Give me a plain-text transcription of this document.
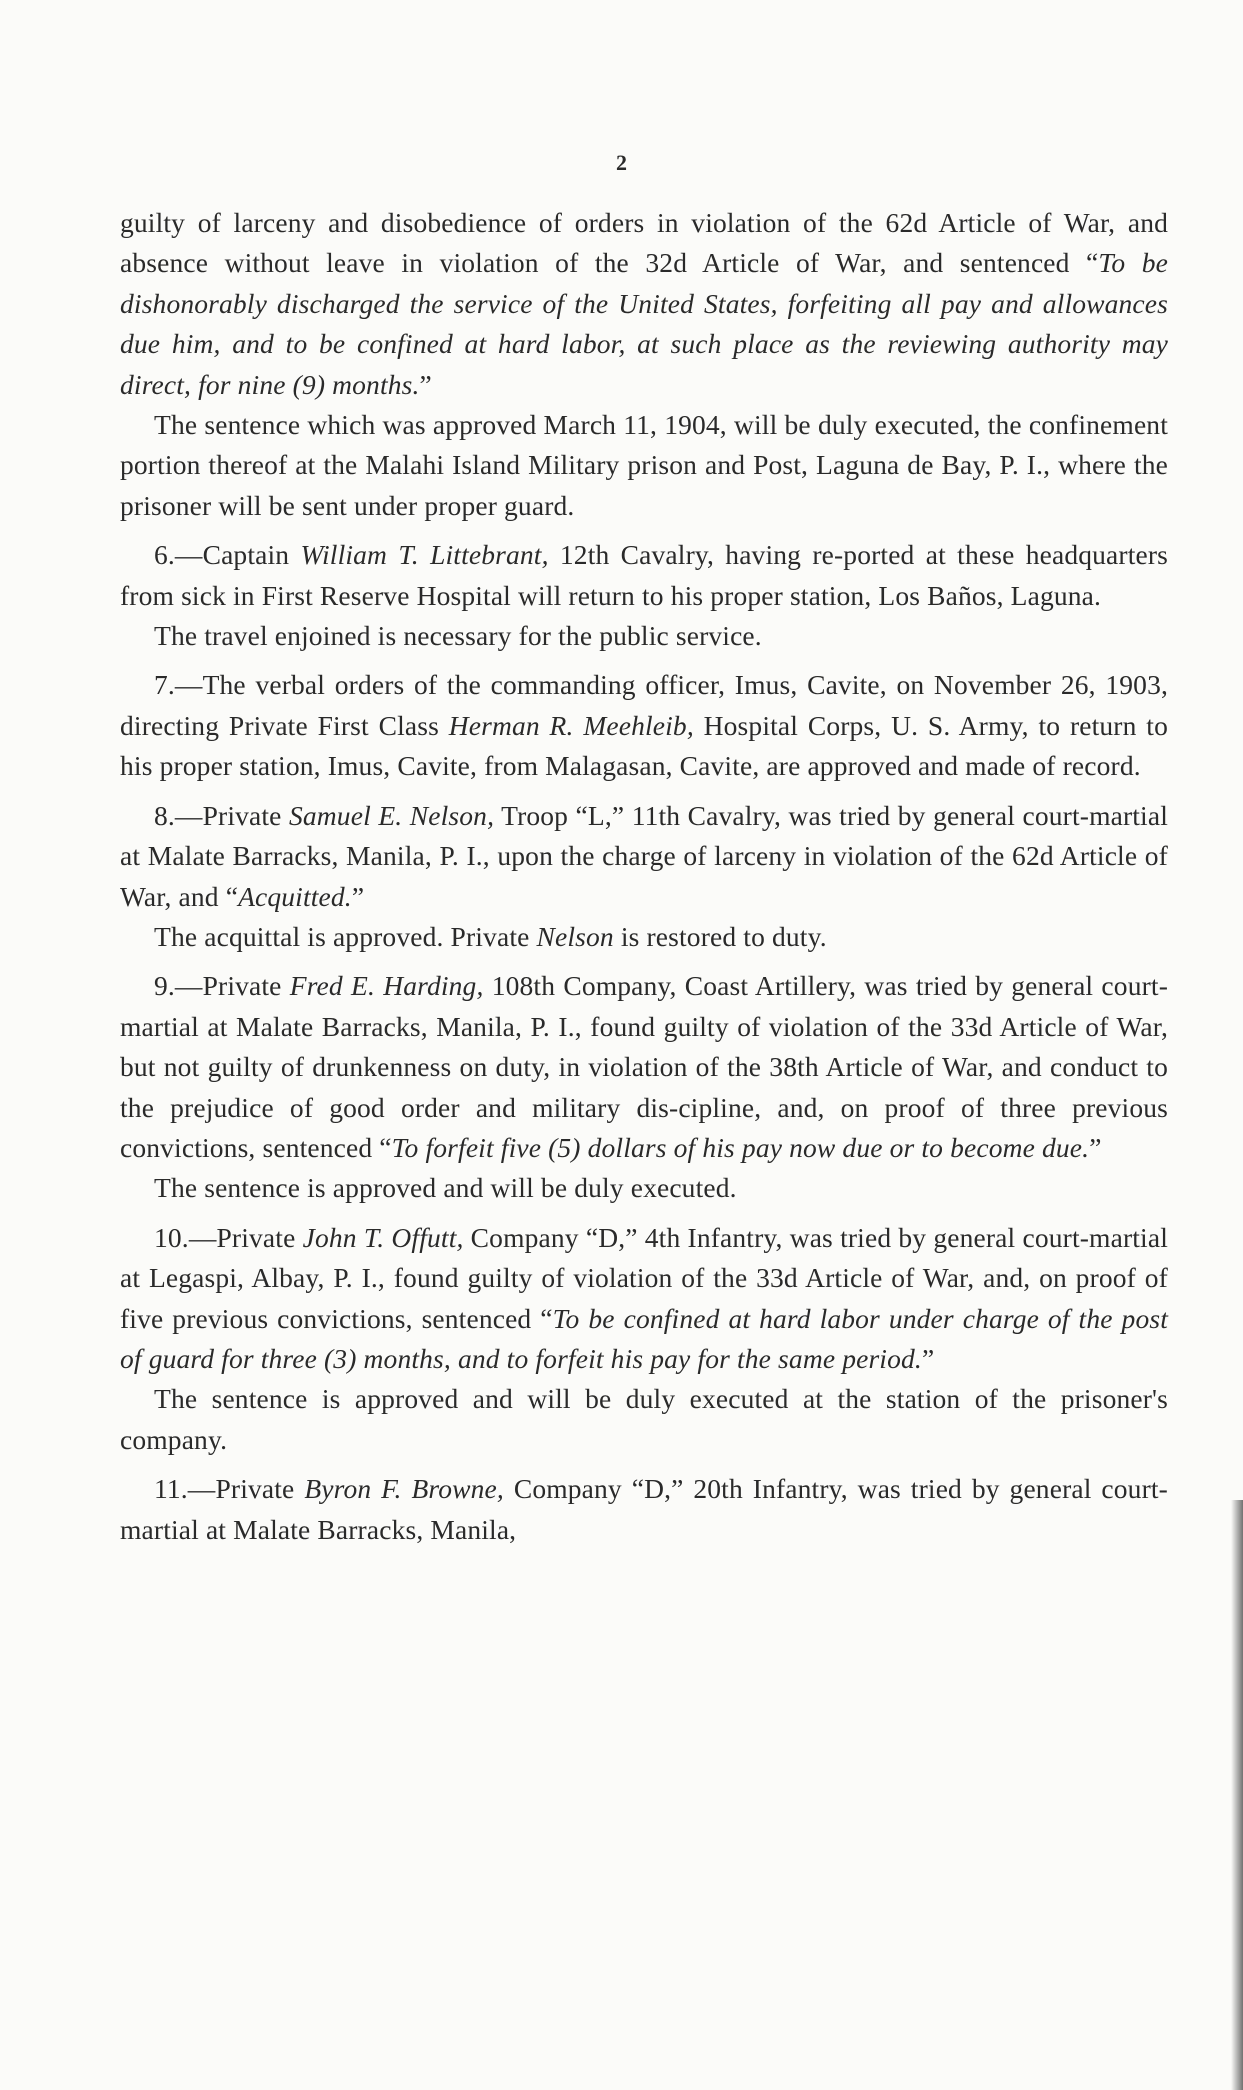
2

guilty of larceny and disobedience of orders in violation of the 62d Article of War, and absence without leave in violation of the 32d Article of War, and sentenced “To be dishonorably discharged the service of the United States, forfeiting all pay and allowances due him, and to be confined at hard labor, at such place as the reviewing authority may direct, for nine (9) months.”

The sentence which was approved March 11, 1904, will be duly executed, the confinement portion thereof at the Malahi Island Military prison and Post, Laguna de Bay, P. I., where the prisoner will be sent under proper guard.

6.—Captain William T. Littebrant, 12th Cavalry, having re-ported at these headquarters from sick in First Reserve Hospital will return to his proper station, Los Baños, Laguna.

The travel enjoined is necessary for the public service.

7.—The verbal orders of the commanding officer, Imus, Cavite, on November 26, 1903, directing Private First Class Herman R. Meehleib, Hospital Corps, U. S. Army, to return to his proper station, Imus, Cavite, from Malagasan, Cavite, are approved and made of record.

8.—Private Samuel E. Nelson, Troop “L,” 11th Cavalry, was tried by general court-martial at Malate Barracks, Manila, P. I., upon the charge of larceny in violation of the 62d Article of War, and “Acquitted.”

The acquittal is approved. Private Nelson is restored to duty.

9.—Private Fred E. Harding, 108th Company, Coast Artillery, was tried by general court-martial at Malate Barracks, Manila, P. I., found guilty of violation of the 33d Article of War, but not guilty of drunkenness on duty, in violation of the 38th Article of War, and conduct to the prejudice of good order and military dis-cipline, and, on proof of three previous convictions, sentenced “To forfeit five (5) dollars of his pay now due or to become due.”

The sentence is approved and will be duly executed.

10.—Private John T. Offutt, Company “D,” 4th Infantry, was tried by general court-martial at Legaspi, Albay, P. I., found guilty of violation of the 33d Article of War, and, on proof of five previous convictions, sentenced “To be confined at hard labor under charge of the post of guard for three (3) months, and to forfeit his pay for the same period.”

The sentence is approved and will be duly executed at the station of the prisoner's company.

11.—Private Byron F. Browne, Company “D,” 20th Infantry, was tried by general court-martial at Malate Barracks, Manila,
